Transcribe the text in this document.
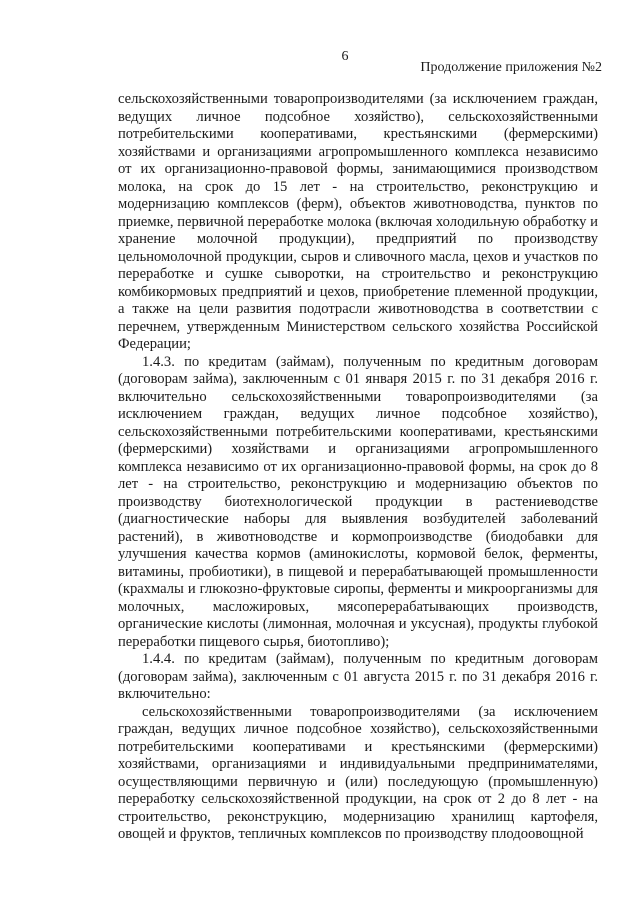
6
Продолжение приложения №2

сельскохозяйственными товаропроизводителями (за исключением граждан, ведущих личное подсобное хозяйство), сельскохозяйственными потребительскими кооперативами, крестьянскими (фермерскими) хозяйствами и организациями агропромышленного комплекса независимо от их организационно-правовой формы, занимающимися производством молока, на срок до 15 лет - на строительство, реконструкцию и модернизацию комплексов (ферм), объектов животноводства, пунктов по приемке, первичной переработке молока (включая холодильную обработку и хранение молочной продукции), предприятий по производству цельномолочной продукции, сыров и сливочного масла, цехов и участков по переработке и сушке сыворотки, на строительство и реконструкцию комбикормовых предприятий и цехов, приобретение племенной продукции, а также на цели развития подотрасли животноводства в соответствии с перечнем, утвержденным Министерством сельского хозяйства Российской Федерации;

1.4.3. по кредитам (займам), полученным по кредитным договорам (договорам займа), заключенным с 01 января 2015 г. по 31 декабря 2016 г. включительно сельскохозяйственными товаропроизводителями (за исключением граждан, ведущих личное подсобное хозяйство), сельскохозяйственными потребительскими кооперативами, крестьянскими (фермерскими) хозяйствами и организациями агропромышленного комплекса независимо от их организационно-правовой формы, на срок до 8 лет - на строительство, реконструкцию и модернизацию объектов по производству биотехнологической продукции в растениеводстве (диагностические наборы для выявления возбудителей заболеваний растений), в животноводстве и кормопроизводстве (биодобавки для улучшения качества кормов (аминокислоты, кормовой белок, ферменты, витамины, пробиотики), в пищевой и перерабатывающей промышленности (крахмалы и глюкозно-фруктовые сиропы, ферменты и микроорганизмы для молочных, масложировых, мясоперерабатывающих производств, органические кислоты (лимонная, молочная и уксусная), продукты глубокой переработки пищевого сырья, биотопливо);

1.4.4. по кредитам (займам), полученным по кредитным договорам (договорам займа), заключенным с 01 августа 2015 г. по 31 декабря 2016 г. включительно:

сельскохозяйственными товаропроизводителями (за исключением граждан, ведущих личное подсобное хозяйство), сельскохозяйственными потребительскими кооперативами и крестьянскими (фермерскими) хозяйствами, организациями и индивидуальными предпринимателями, осуществляющими первичную и (или) последующую (промышленную) переработку сельскохозяйственной продукции, на срок от 2 до 8 лет - на строительство, реконструкцию, модернизацию хранилищ картофеля, овощей и фруктов, тепличных комплексов по производству плодоовощной
